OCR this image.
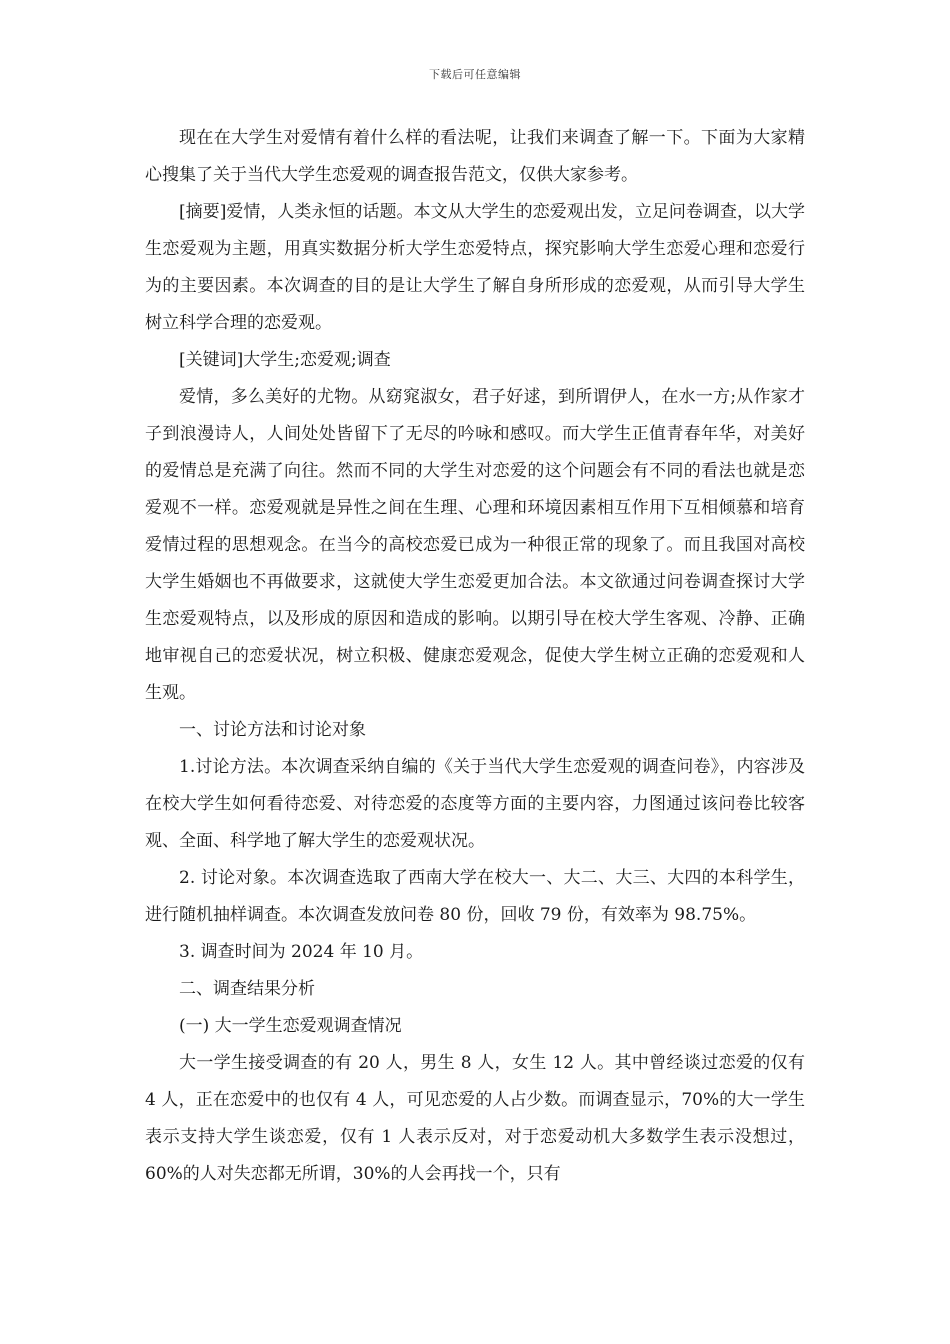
下载后可任意编辑

现在在大学生对爱情有着什么样的看法呢，让我们来调查了解一下。下面为大家精心搜集了关于当代大学生恋爱观的调查报告范文，仅供大家参考。

[摘要]爱情，人类永恒的话题。本文从大学生的恋爱观出发，立足问卷调查，以大学生恋爱观为主题，用真实数据分析大学生恋爱特点，探究影响大学生恋爱心理和恋爱行为的主要因素。本次调查的目的是让大学生了解自身所形成的恋爱观，从而引导大学生树立科学合理的恋爱观。

[关键词]大学生;恋爱观;调查

爱情，多么美好的尤物。从窈窕淑女，君子好逑，到所谓伊人，在水一方;从作家才子到浪漫诗人，人间处处皆留下了无尽的吟咏和感叹。而大学生正值青春年华，对美好的爱情总是充满了向往。然而不同的大学生对恋爱的这个问题会有不同的看法也就是恋爱观不一样。恋爱观就是异性之间在生理、心理和环境因素相互作用下互相倾慕和培育爱情过程的思想观念。在当今的高校恋爱已成为一种很正常的现象了。而且我国对高校大学生婚姻也不再做要求，这就使大学生恋爱更加合法。本文欲通过问卷调查探讨大学生恋爱观特点，以及形成的原因和造成的影响。以期引导在校大学生客观、冷静、正确地审视自己的恋爱状况，树立积极、健康恋爱观念，促使大学生树立正确的恋爱观和人生观。

一、讨论方法和讨论对象

1.讨论方法。本次调查采纳自编的《关于当代大学生恋爱观的调查问卷》，内容涉及在校大学生如何看待恋爱、对待恋爱的态度等方面的主要内容，力图通过该问卷比较客观、全面、科学地了解大学生的恋爱观状况。

2. 讨论对象。本次调查选取了西南大学在校大一、大二、大三、大四的本科学生，进行随机抽样调查。本次调查发放问卷 80 份，回收 79 份，有效率为 98.75%。

3. 调查时间为 2024 年 10 月。

二、调查结果分析

(一) 大一学生恋爱观调查情况

大一学生接受调查的有 20 人，男生 8 人，女生 12 人。其中曾经谈过恋爱的仅有 4 人，正在恋爱中的也仅有 4 人，可见恋爱的人占少数。而调查显示，70%的大一学生表示支持大学生谈恋爱，仅有 1 人表示反对，对于恋爱动机大多数学生表示没想过，60%的人对失恋都无所谓，30%的人会再找一个，只有
